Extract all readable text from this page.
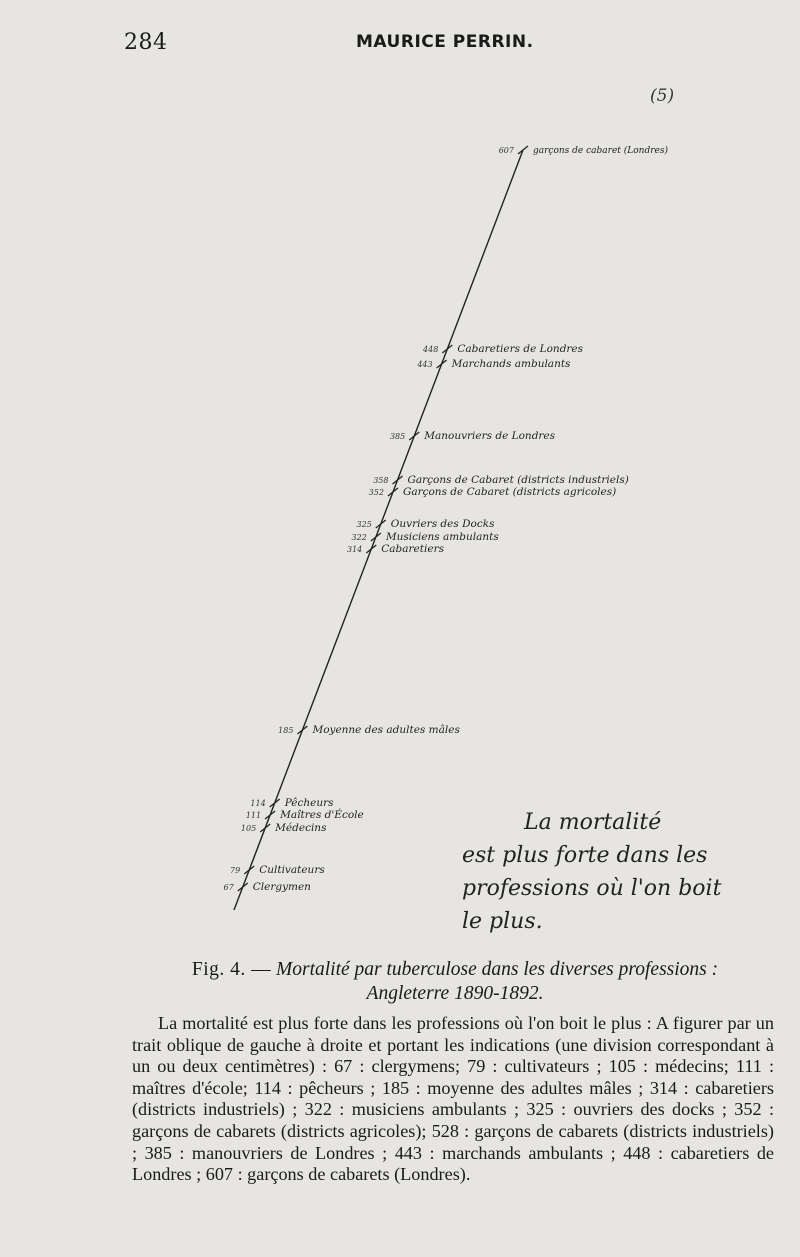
284	MAURICE PERRIN.
(5)
607 garçons de cabaret (Londres)
448 Cabaretiers de Londres
443 Marchands ambulants
385 Manouvriers de Londres
358 Garçons de Cabaret (districts industriels)
352 Garçons de Cabaret (districts agricoles)
325 Ouvriers des Docks
322 Musiciens ambulants
314 Cabaretiers
185 Moyenne des adultes mâles
114 Pêcheurs
111 Maîtres d'École
105 Médecins
79 Cultivateurs
67 Clergymen
La mortalité
est plus forte dans les
professions où l'on boit
le plus.
Fig. 4. — Mortalité par tuberculose dans les diverses professions :
Angleterre 1890-1892.

La mortalité est plus forte dans les professions où l'on boit le plus : A figurer par un trait oblique de gauche à droite et portant les indications (une division correspondant à un ou deux centimètres) : 67 : clergymens; 79 : cultivateurs ; 105 : médecins; 111 : maîtres d'école; 114 : pêcheurs ; 185 : moyenne des adultes mâles ; 314 : cabaretiers (districts industriels) ; 322 : musiciens ambulants ; 325 : ouvriers des docks ; 352 : garçons de cabarets (districts agricoles); 528 : garçons de cabarets (districts industriels) ; 385 : manouvriers de Londres ; 443 : marchands ambulants ; 448 : cabaretiers de Londres ; 607 : garçons de cabarets (Londres).
